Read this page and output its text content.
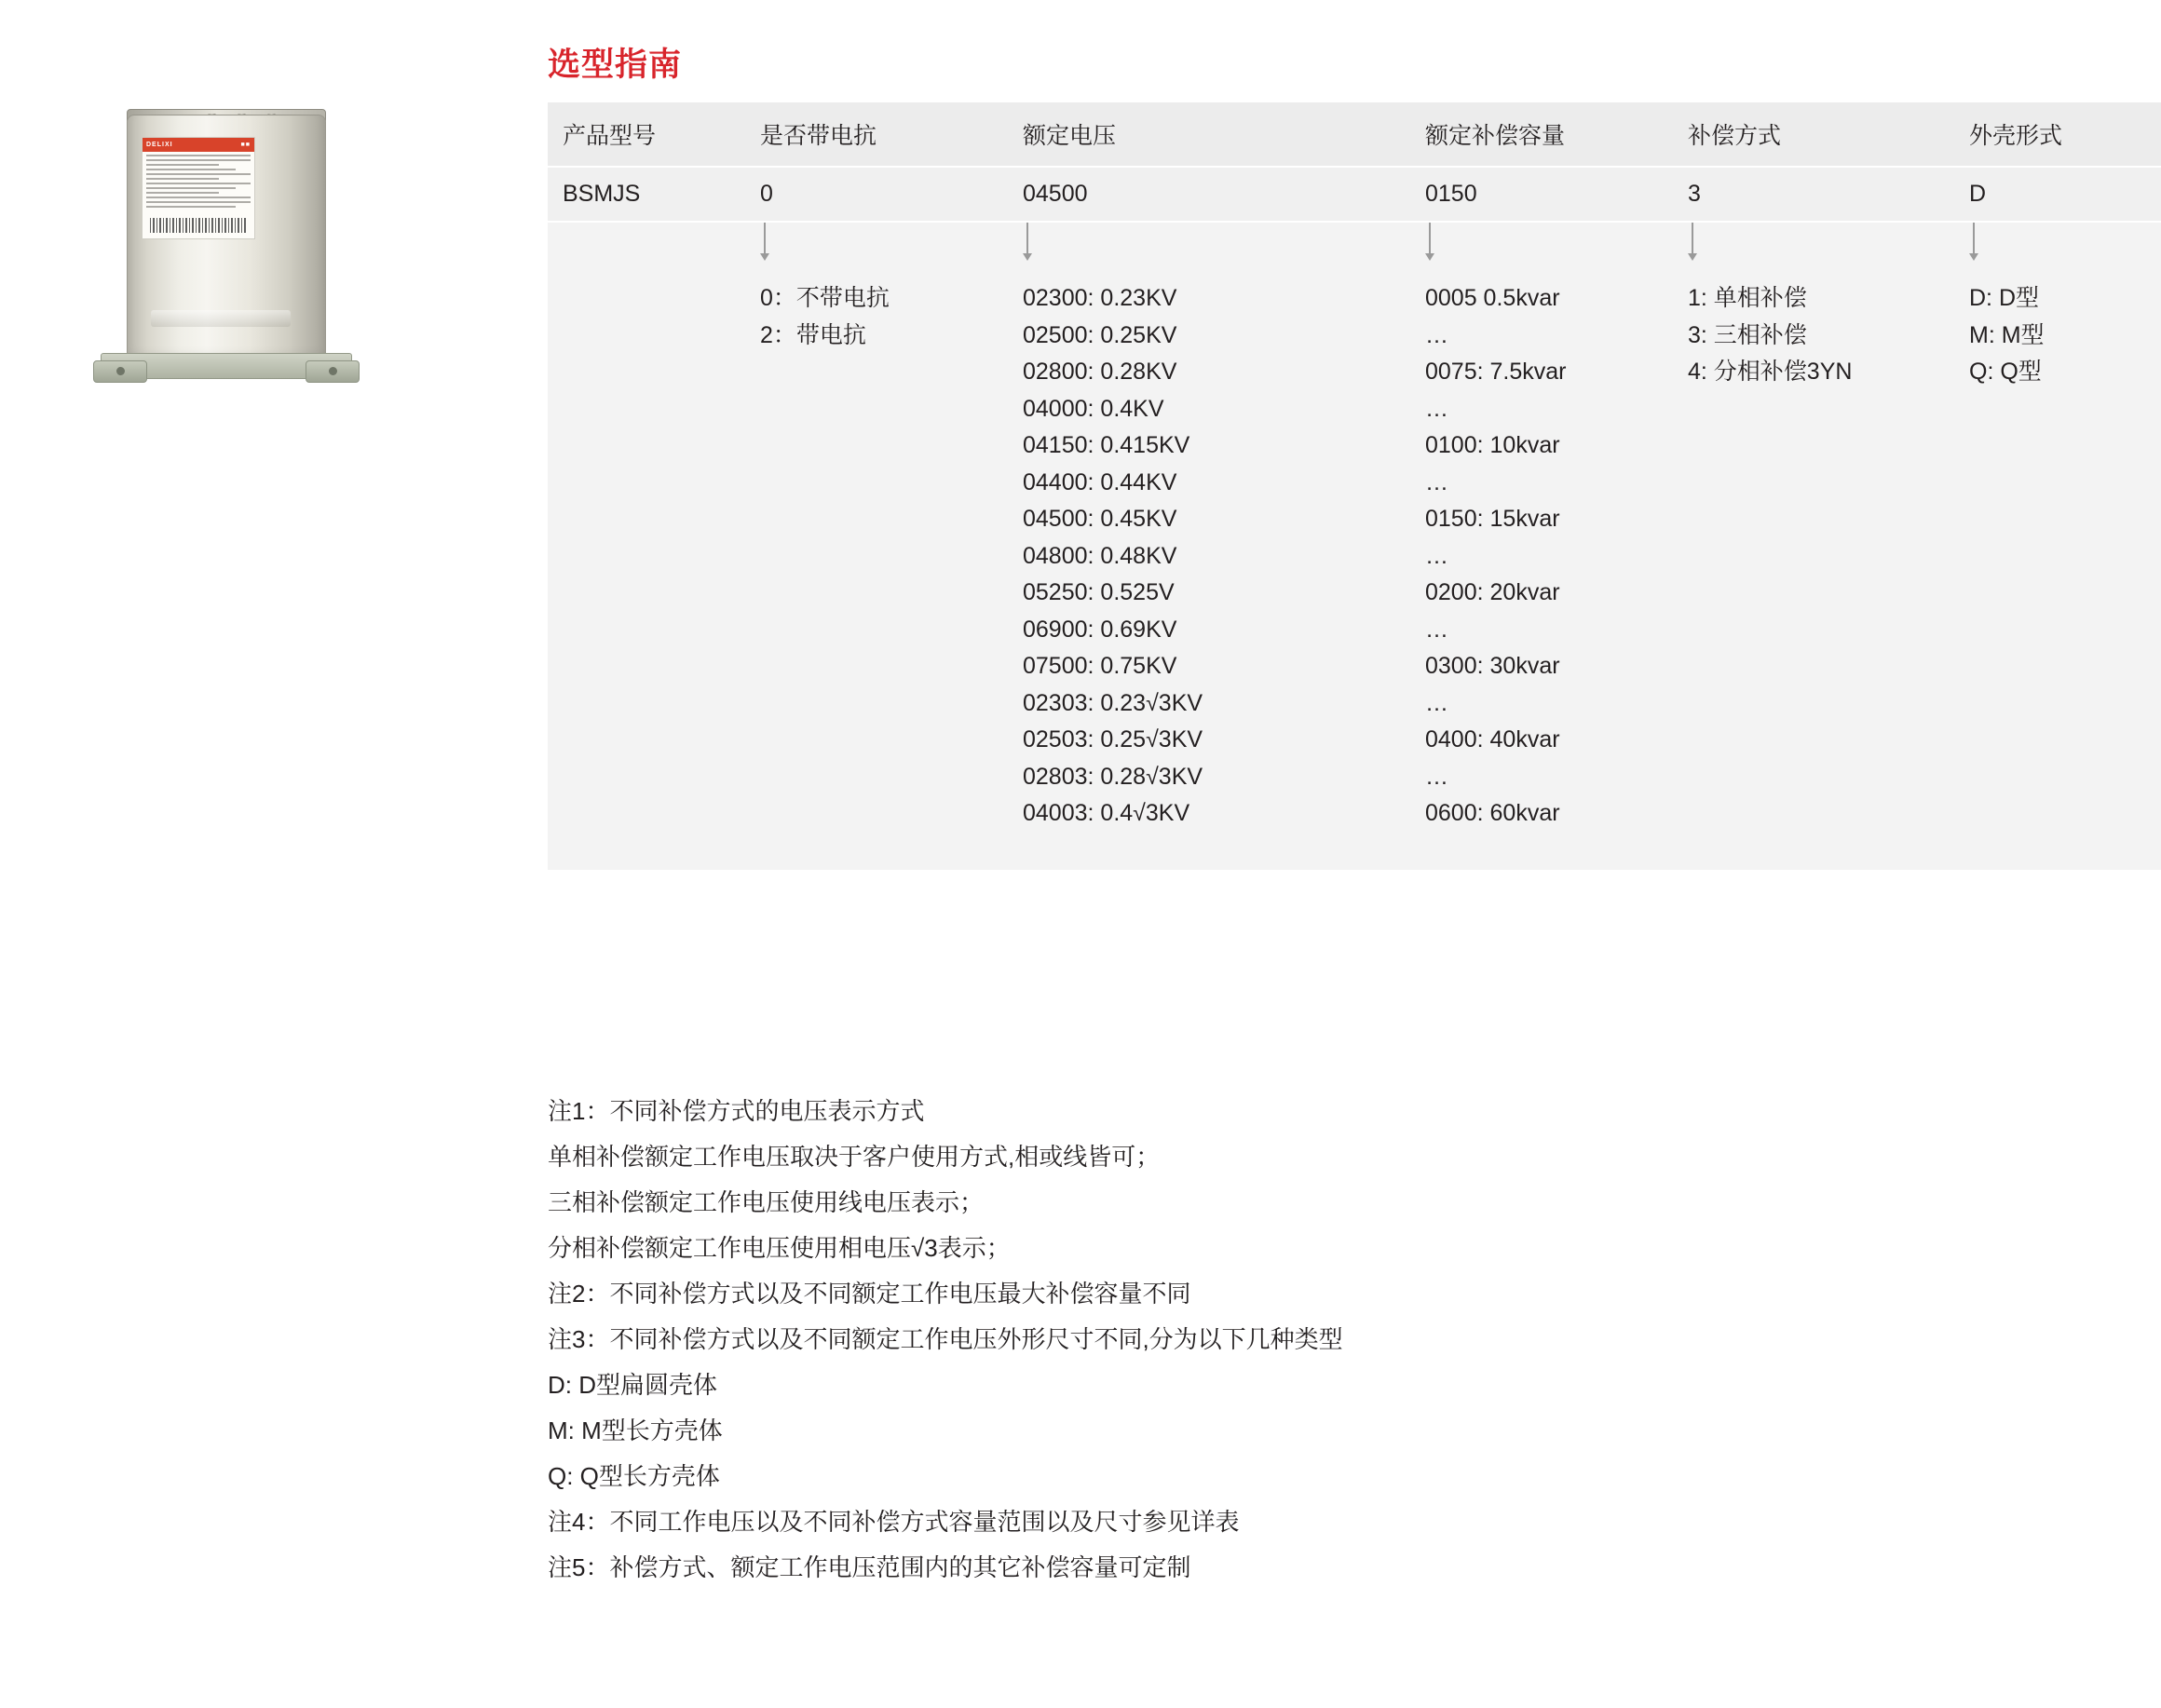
DELIXI	■■
选型指南
产品型号	是否带电抗	额定电压	额定补偿容量	补偿方式	外壳形式
BSMJS	0	04500	0150	3	D

0：不带电抗
2：带电抗

02300: 0.23KV
02500: 0.25KV
02800: 0.28KV
04000: 0.4KV
04150: 0.415KV
04400: 0.44KV
04500: 0.45KV
04800: 0.48KV
05250: 0.525V
06900: 0.69KV
07500: 0.75KV
02303: 0.23√3KV
02503: 0.25√3KV
02803: 0.28√3KV
04003: 0.4√3KV

0005 0.5kvar
…
0075: 7.5kvar
…
0100: 10kvar
…
0150: 15kvar
…
0200: 20kvar
…
0300: 30kvar
…
0400: 40kvar
…
0600: 60kvar

1: 单相补偿
3: 三相补偿
4: 分相补偿3YN

D: D型
M: M型
Q: Q型

注1：不同补偿方式的电压表示方式

单相补偿额定工作电压取决于客户使用方式,相或线皆可；

三相补偿额定工作电压使用线电压表示；

分相补偿额定工作电压使用相电压√3表示；

注2：不同补偿方式以及不同额定工作电压最大补偿容量不同

注3：不同补偿方式以及不同额定工作电压外形尺寸不同,分为以下几种类型

D: D型扁圆壳体

M: M型长方壳体

Q: Q型长方壳体

注4：不同工作电压以及不同补偿方式容量范围以及尺寸参见详表

注5：补偿方式、额定工作电压范围内的其它补偿容量可定制
